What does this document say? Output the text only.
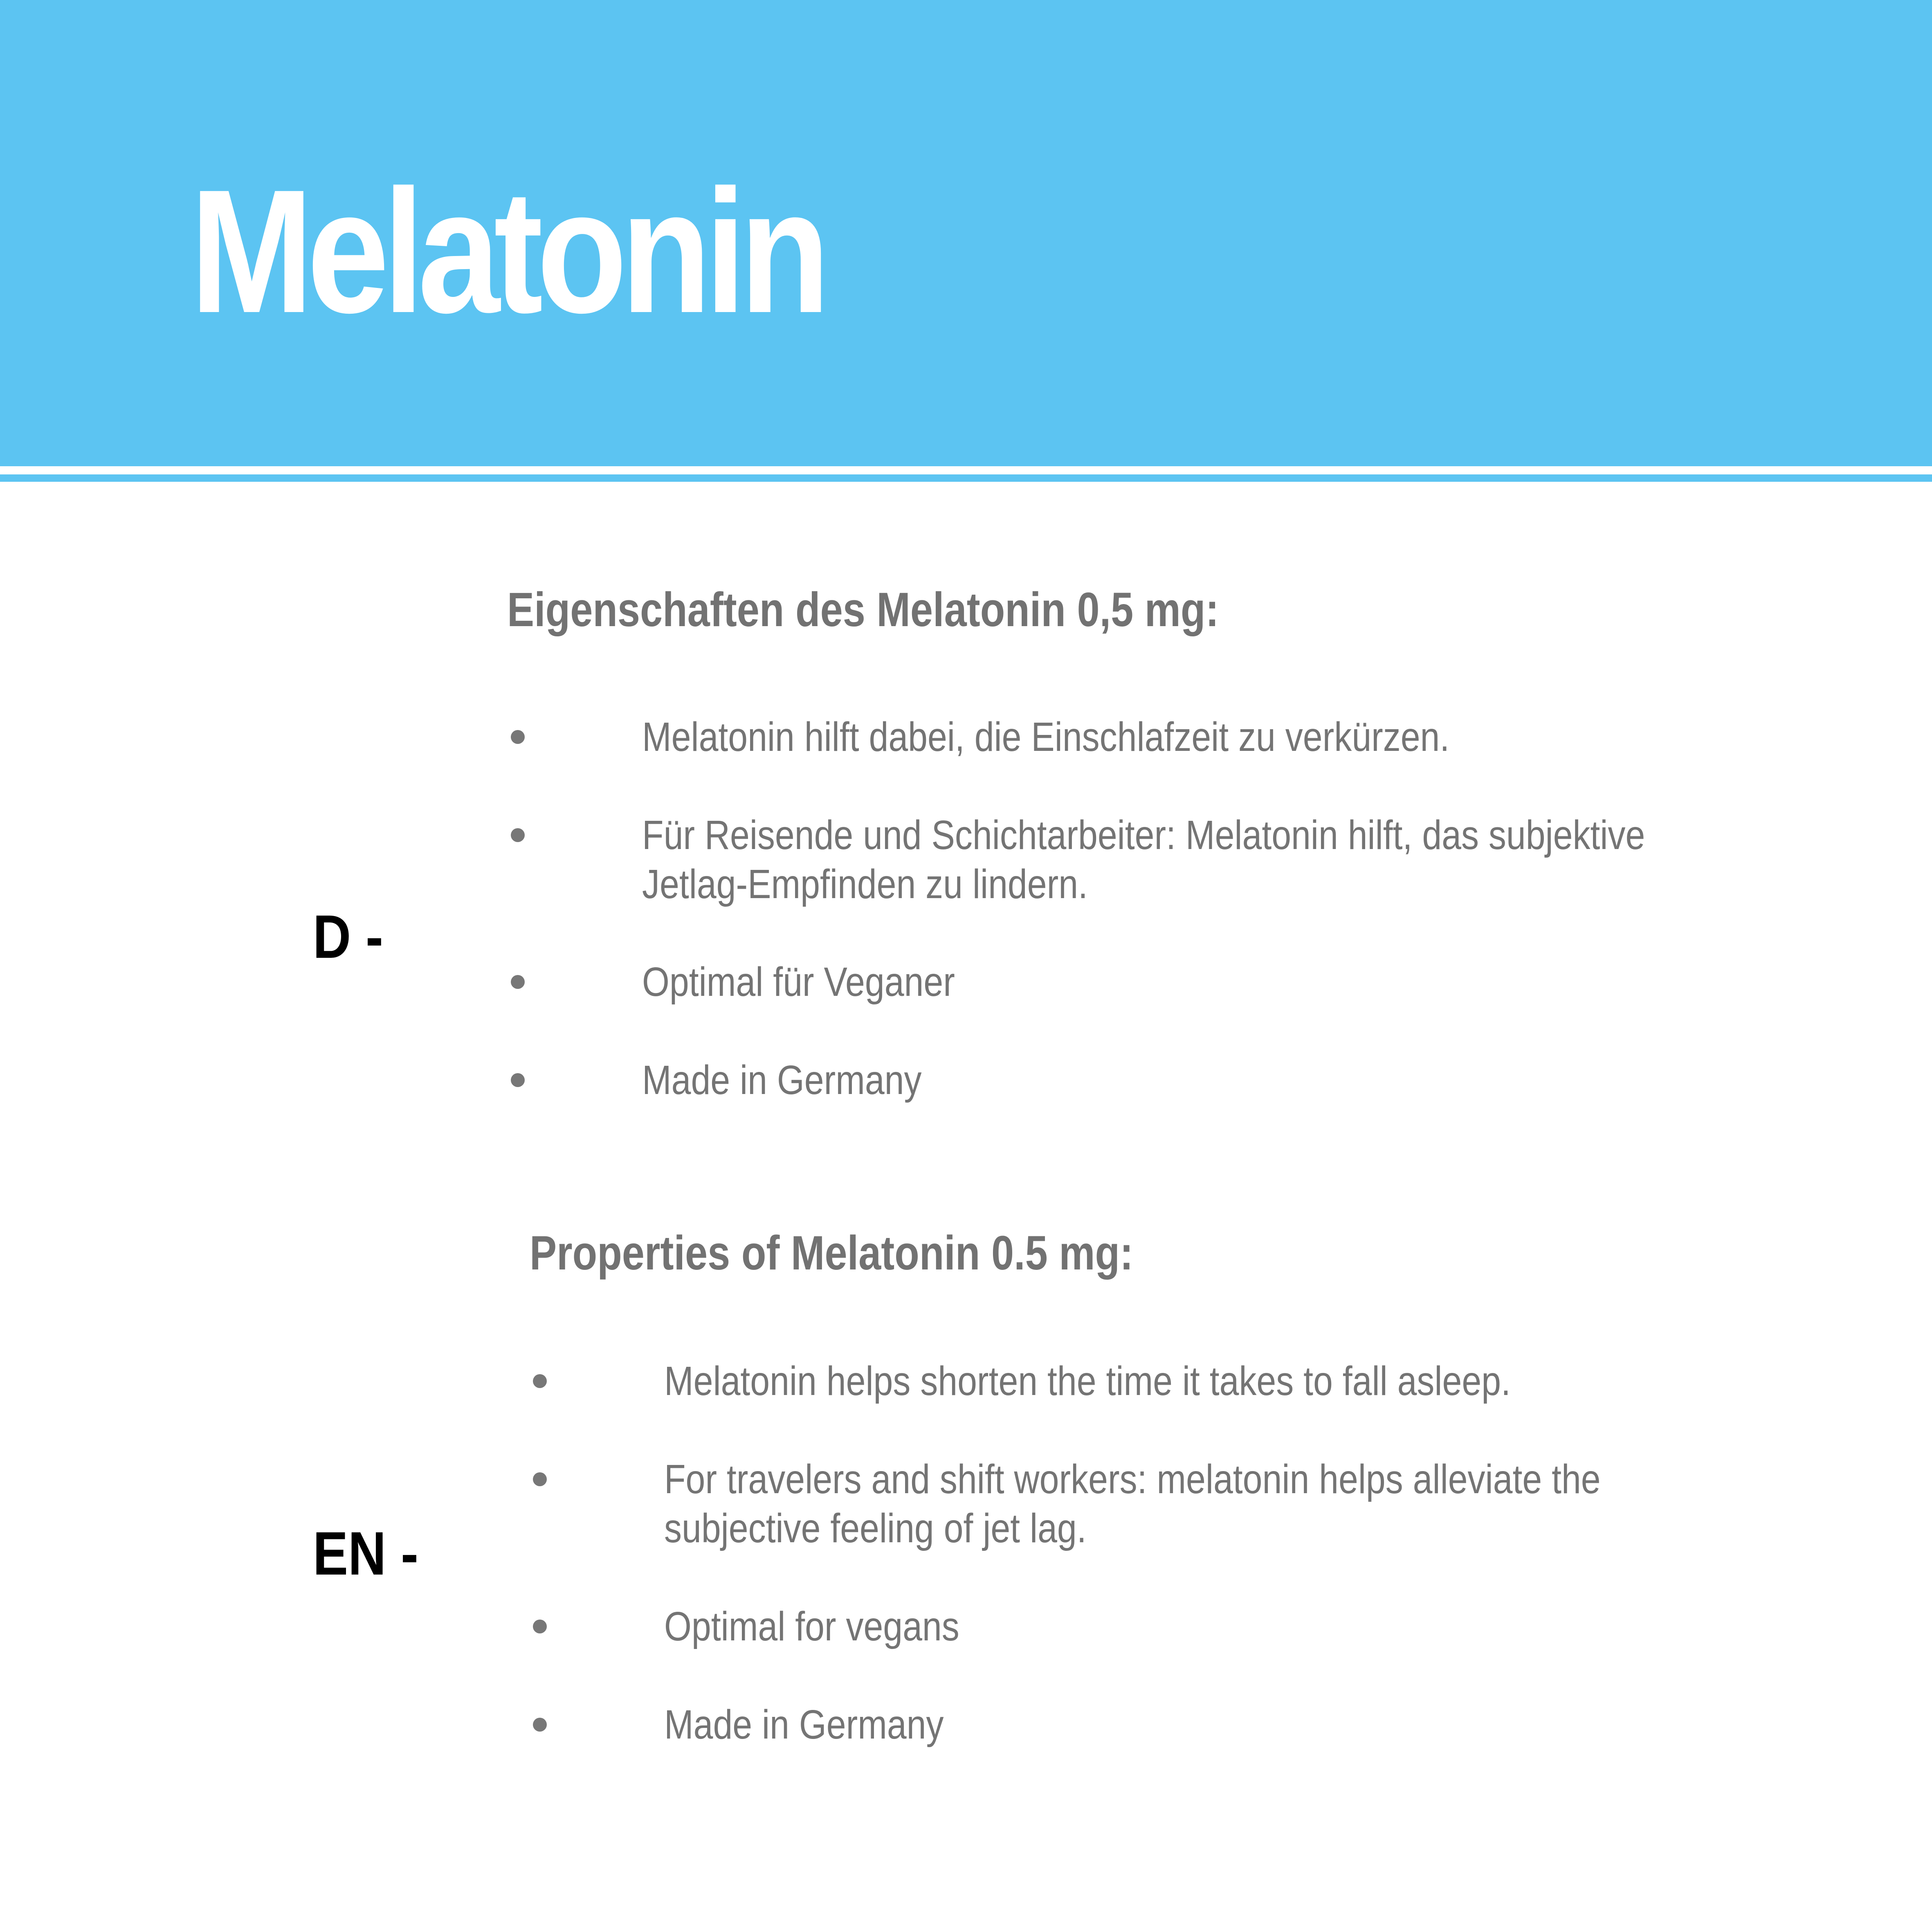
Melatonin
D -
Eigenschaften des Melatonin 0,5 mg:

Melatonin hilft dabei, die Einschlafzeit zu verkürzen.

Für Reisende und Schichtarbeiter: Melatonin hilft, das subjektive
Jetlag-Empfinden zu lindern.

Optimal für Veganer

Made in Germany

EN -
Properties of Melatonin 0.5 mg:

Melatonin helps shorten the time it takes to fall asleep.

For travelers and shift workers: melatonin helps alleviate the
subjective feeling of jet lag.

Optimal for vegans

Made in Germany
